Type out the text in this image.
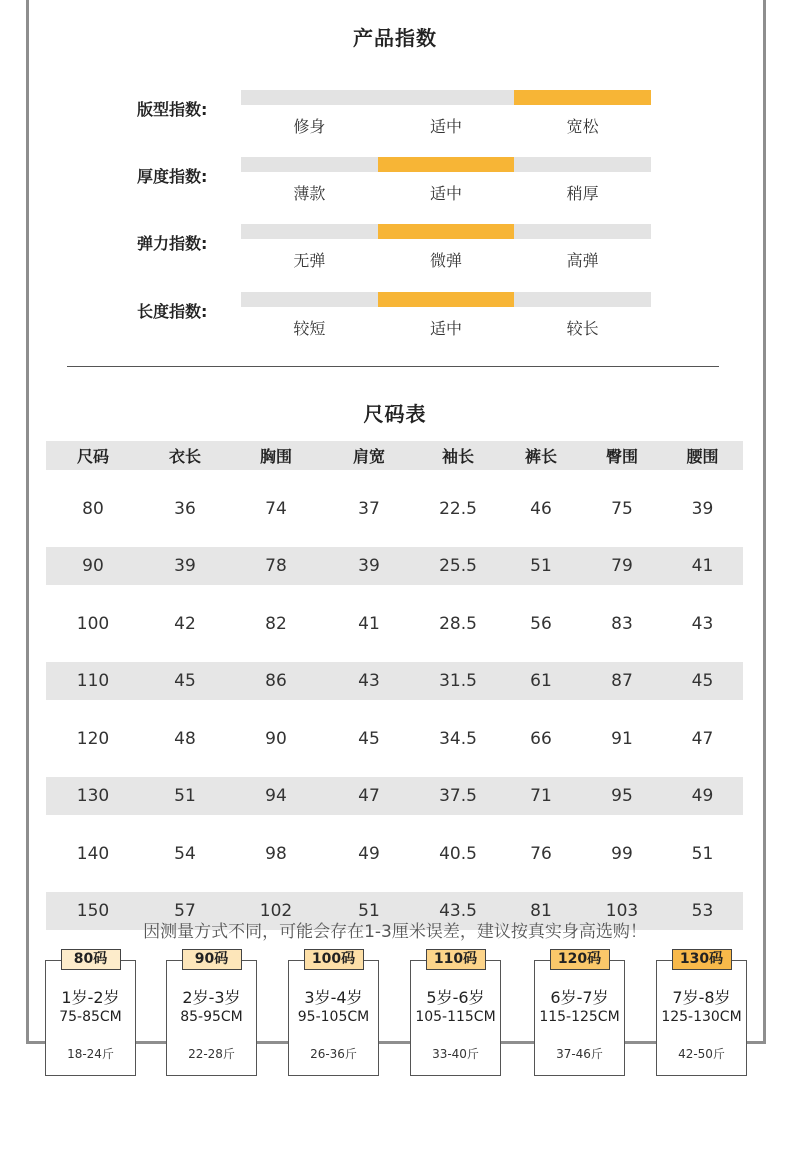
产品指数
版型指数:
修身	适中	宽松
厚度指数:
薄款	适中	稍厚
弹力指数:
无弹	微弹	高弹
长度指数:
较短	适中	较长
尺码表
尺码	衣长	胸围	肩宽	袖长	裤长	臀围	腰围
80	36	74	37	22.5	46	75	39
90	39	78	39	25.5	51	79	41
100	42	82	41	28.5	56	83	43
110	45	86	43	31.5	61	87	45
120	48	90	45	34.5	66	91	47
130	51	94	47	37.5	71	95	49
140	54	98	49	40.5	76	99	51
150	57	102	51	43.5	81	103	53
因测量方式不同，可能会存在1-3厘米误差，建议按真实身高选购！
80码
1岁-2岁
75-85CM
18-24斤
90码
2岁-3岁
85-95CM
22-28斤
100码
3岁-4岁
95-105CM
26-36斤
110码
5岁-6岁
105-115CM
33-40斤
120码
6岁-7岁
115-125CM
37-46斤
130码
7岁-8岁
125-130CM
42-50斤
